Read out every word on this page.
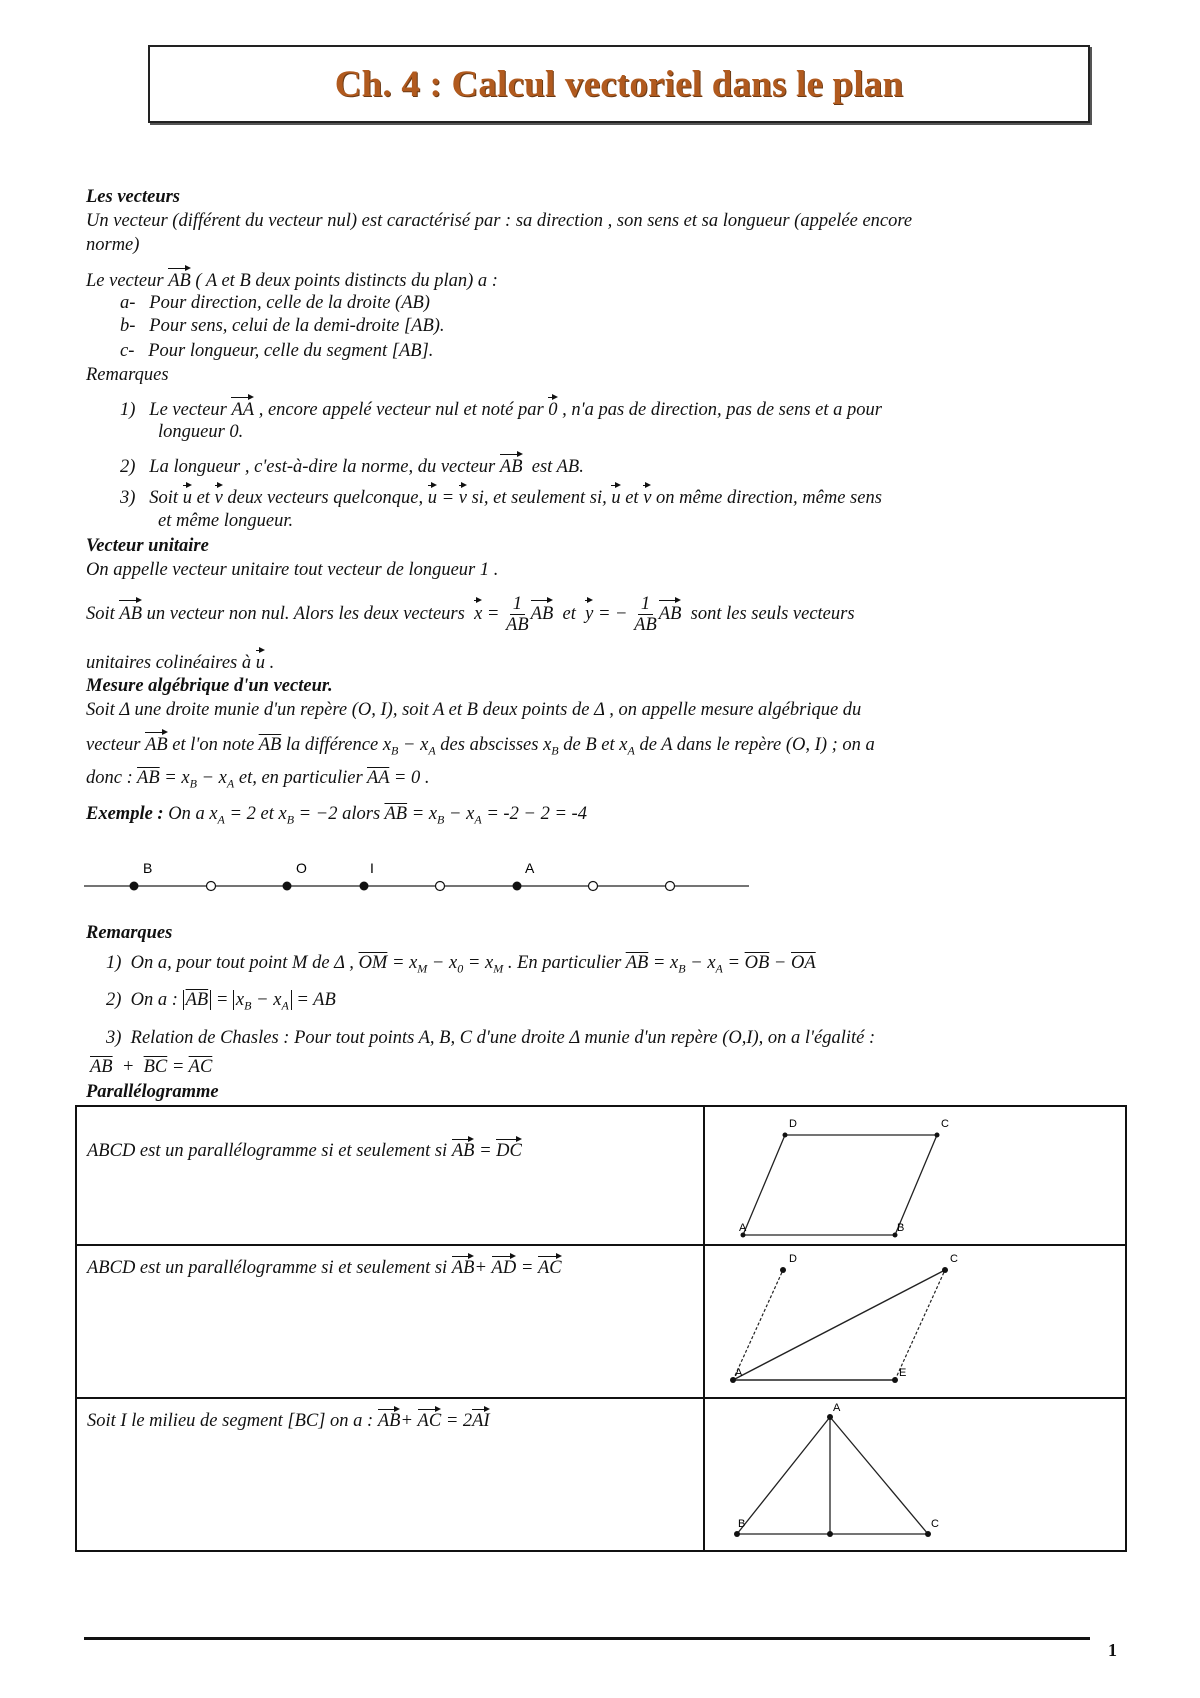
Ch. 4 : Calcul vectoriel dans le plan
Les vecteurs
Un vecteur (différent du vecteur nul) est caractérisé par : sa direction , son sens et sa longueur (appelée encore
norme)
Le vecteur AB ( A et B deux points distincts du plan) a :
a- Pour direction, celle de la droite (AB)
b- Pour sens, celui de la demi-droite [AB).
c- Pour longueur, celle du segment [AB].
Remarques
1) Le vecteur AA , encore appelé vecteur nul et noté par 0 , n'a pas de direction, pas de sens et a pour
longueur 0.
2) La longueur , c'est-à-dire la norme, du vecteur AB est AB.
3) Soit u et v deux vecteurs quelconque, u = v si, et seulement si, u et v on même direction, même sens
et même longueur.
Vecteur unitaire
On appelle vecteur unitaire tout vecteur de longueur 1 .
Soit AB un vecteur non nul. Alors les deux vecteurs $x = \frac{1}{AB}$ AB et y = − $\frac{1}{AB}$ AB sont les seuls vecteurs
unitaires colinéaires à u .
Mesure algébrique d'un vecteur.
Soit Δ une droite munie d'un repère (O, I), soit A et B deux points de Δ , on appelle mesure algébrique du
vecteur AB et l'on note $\overline{AB}$ la différence $x_B - x_A$ des abscisses $x_B$ de B et $x_A$ de A dans le repère (O, I) ; on a
donc : $\overline{AB} = x_B - x_A$ et, en particulier $\overline{AA} = 0$ .
Exemple : On a $x_A = 2$ et $x_B = -2$ alors $\overline{AB} = x_B - x_A = -2 - 2 = -4$
B	O	I	A
Remarques
1) On a, pour tout point M de Δ , $\overline{OM} = x_M - x_0 = x_M$ . En particulier $\overline{AB} = x_B - x_A = \overline{OB} - \overline{OA}$
2) On a : $\overline{AB} = x_B - x_A$ = AB
3) Relation de Chasles : Pour tout points A, B, C d'une droite Δ munie d'un repère (O,I), on a l'égalité :
$\overline{AB} + \overline{BC} = \overline{AC}$
Parallélogramme
ABCD est un parallélogramme si et seulement si AB = DC	D C
A B

ABCD est un parallélogramme si et seulement si AB+ AD = AC	D C
A E

Soit I le milieu de segment [BC] on a : AB+ AC = 2AI	A
B C
1
